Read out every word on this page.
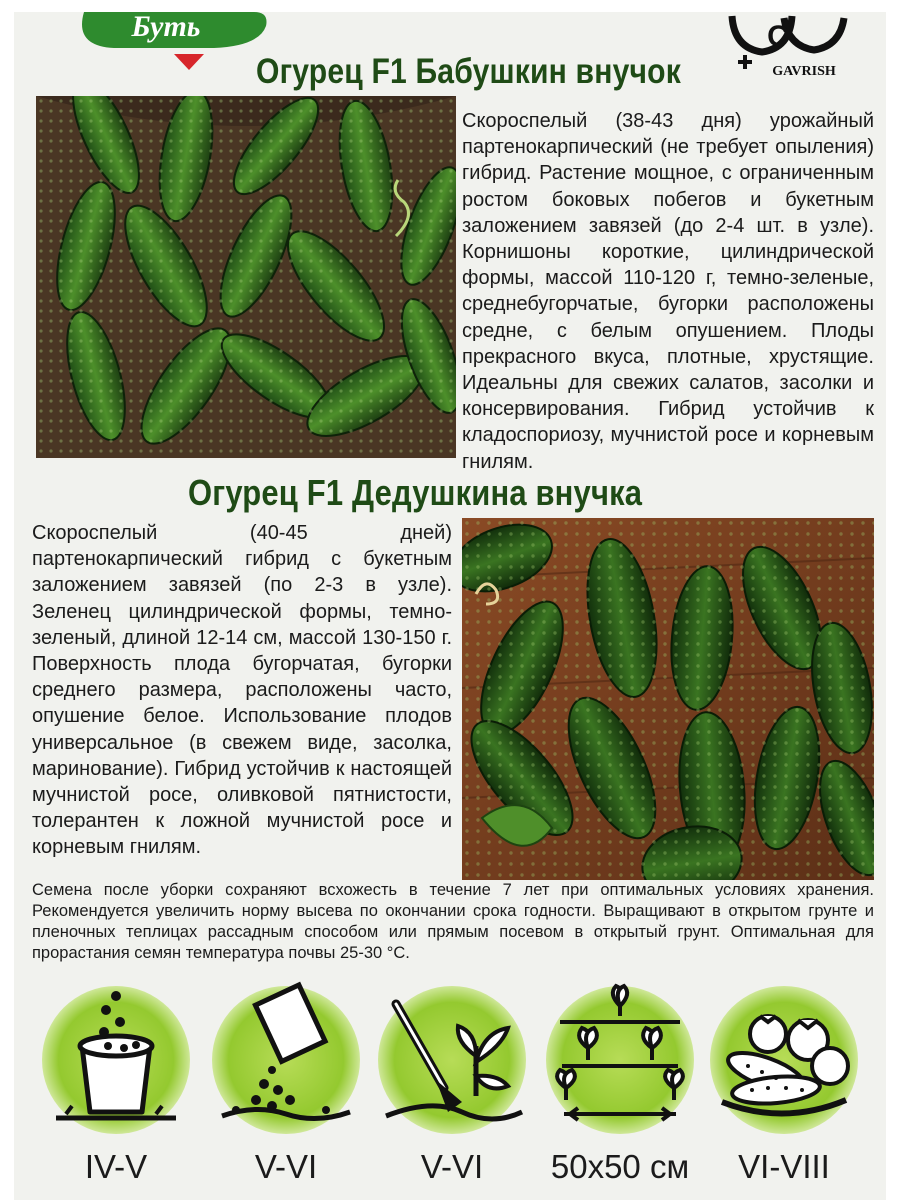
Буть	С
GAVRISH
Огурец F1 Бабушкин внучок

Скороспелый (38-43 дня) урожайный партенокарпический (не требует опыления) гибрид. Растение мощное, с ограниченным ростом боковых побегов и букетным заложением завязей (до 2-4 шт. в узле). Корнишоны короткие, цилиндрической формы, массой 110-120 г, темно-зеленые, среднебугорчатые, бугорки расположены средне, с белым опушением. Плоды прекрасного вкуса, плотные, хрустящие. Идеальны для свежих салатов, засолки и консервирования. Гибрид устойчив к кладоспориозу, мучнистой росе и корневым гнилям.

Огурец F1 Дедушкина внучка

Скороспелый (40-45 дней) партенокарпический гибрид с букетным заложением завязей (по 2-3 в узле). Зеленец цилиндрической формы, темно-зеленый, длиной 12-14 см, массой 130-150 г. Поверхность плода бугорчатая, бугорки среднего размера, расположены часто, опушение белое. Использование плодов универсальное (в свежем виде, засолка, маринование). Гибрид устойчив к настоящей мучнистой росе, оливковой пятнистости, толерантен к ложной мучнистой росе и корневым гнилям.

Семена после уборки сохраняют всхожесть в течение 7 лет при оптимальных условиях хранения. Рекомендуется увеличить норму высева по окончании срока годности. Выращивают в открытом грунте и пленочных теплицах рассадным способом или прямым посевом в открытый грунт. Оптимальная для прорастания семян температура почвы 25-30 °С.

IV-V	V-VI	V-VI	50x50 см	VI-VIII
